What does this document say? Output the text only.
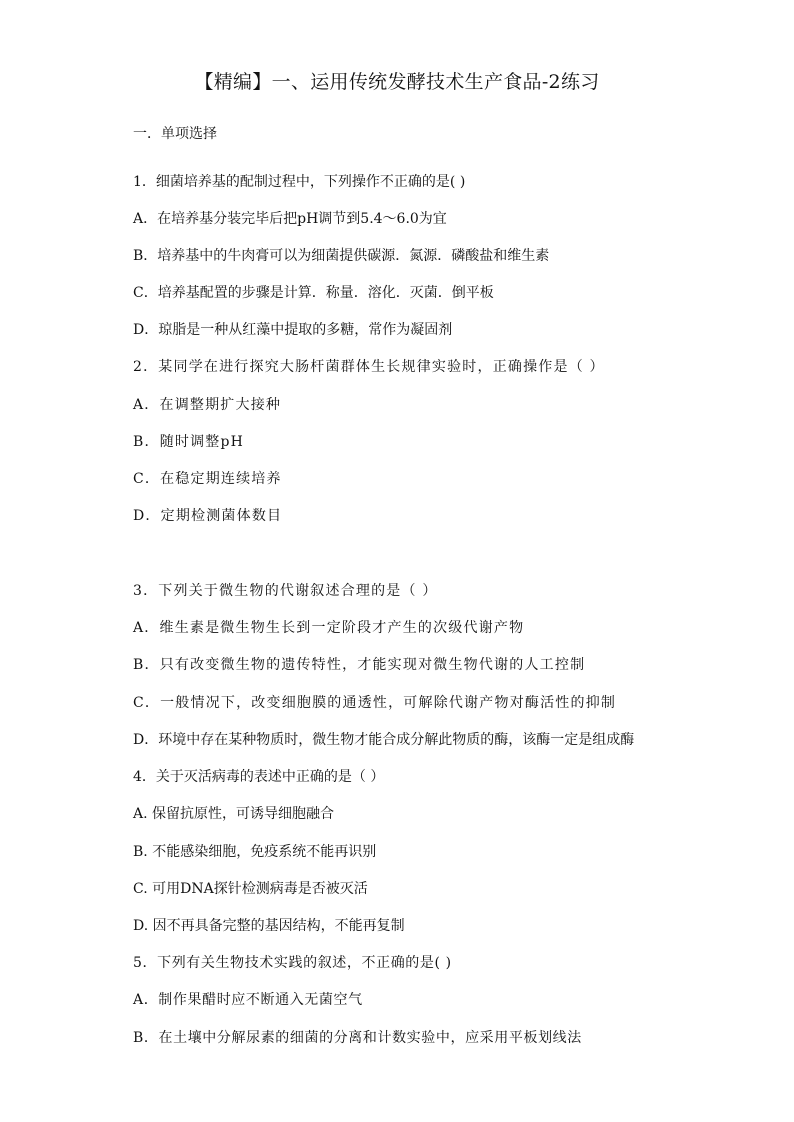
【精编】一、运用传统发酵技术生产食品-2练习
一．单项选择
1．细菌培养基的配制过程中，下列操作不正确的是( )
A．在培养基分装完毕后把pH调节到5.4～6.0为宜
B．培养基中的牛肉膏可以为细菌提供碳源．氮源．磷酸盐和维生素
C．培养基配置的步骤是计算．称量．溶化．灭菌．倒平板
D．琼脂是一种从红藻中提取的多糖，常作为凝固剂
2．某同学在进行探究大肠杆菌群体生长规律实验时，正确操作是（ ）
A．在调整期扩大接种
B．随时调整pH
C．在稳定期连续培养
D．定期检测菌体数目
3．下列关于微生物的代谢叙述合理的是（ ）
A．维生素是微生物生长到一定阶段才产生的次级代谢产物
B．只有改变微生物的遗传特性，才能实现对微生物代谢的人工控制
C．一般情况下，改变细胞膜的通透性，可解除代谢产物对酶活性的抑制
D．环境中存在某种物质时，微生物才能合成分解此物质的酶，该酶一定是组成酶
4．关于灭活病毒的表述中正确的是（ ）
A. 保留抗原性，可诱导细胞融合
B. 不能感染细胞，免疫系统不能再识别
C. 可用DNA探针检测病毒是否被灭活
D. 因不再具备完整的基因结构，不能再复制
5．下列有关生物技术实践的叙述，不正确的是( )
A．制作果醋时应不断通入无菌空气
B．在土壤中分解尿素的细菌的分离和计数实验中，应采用平板划线法
